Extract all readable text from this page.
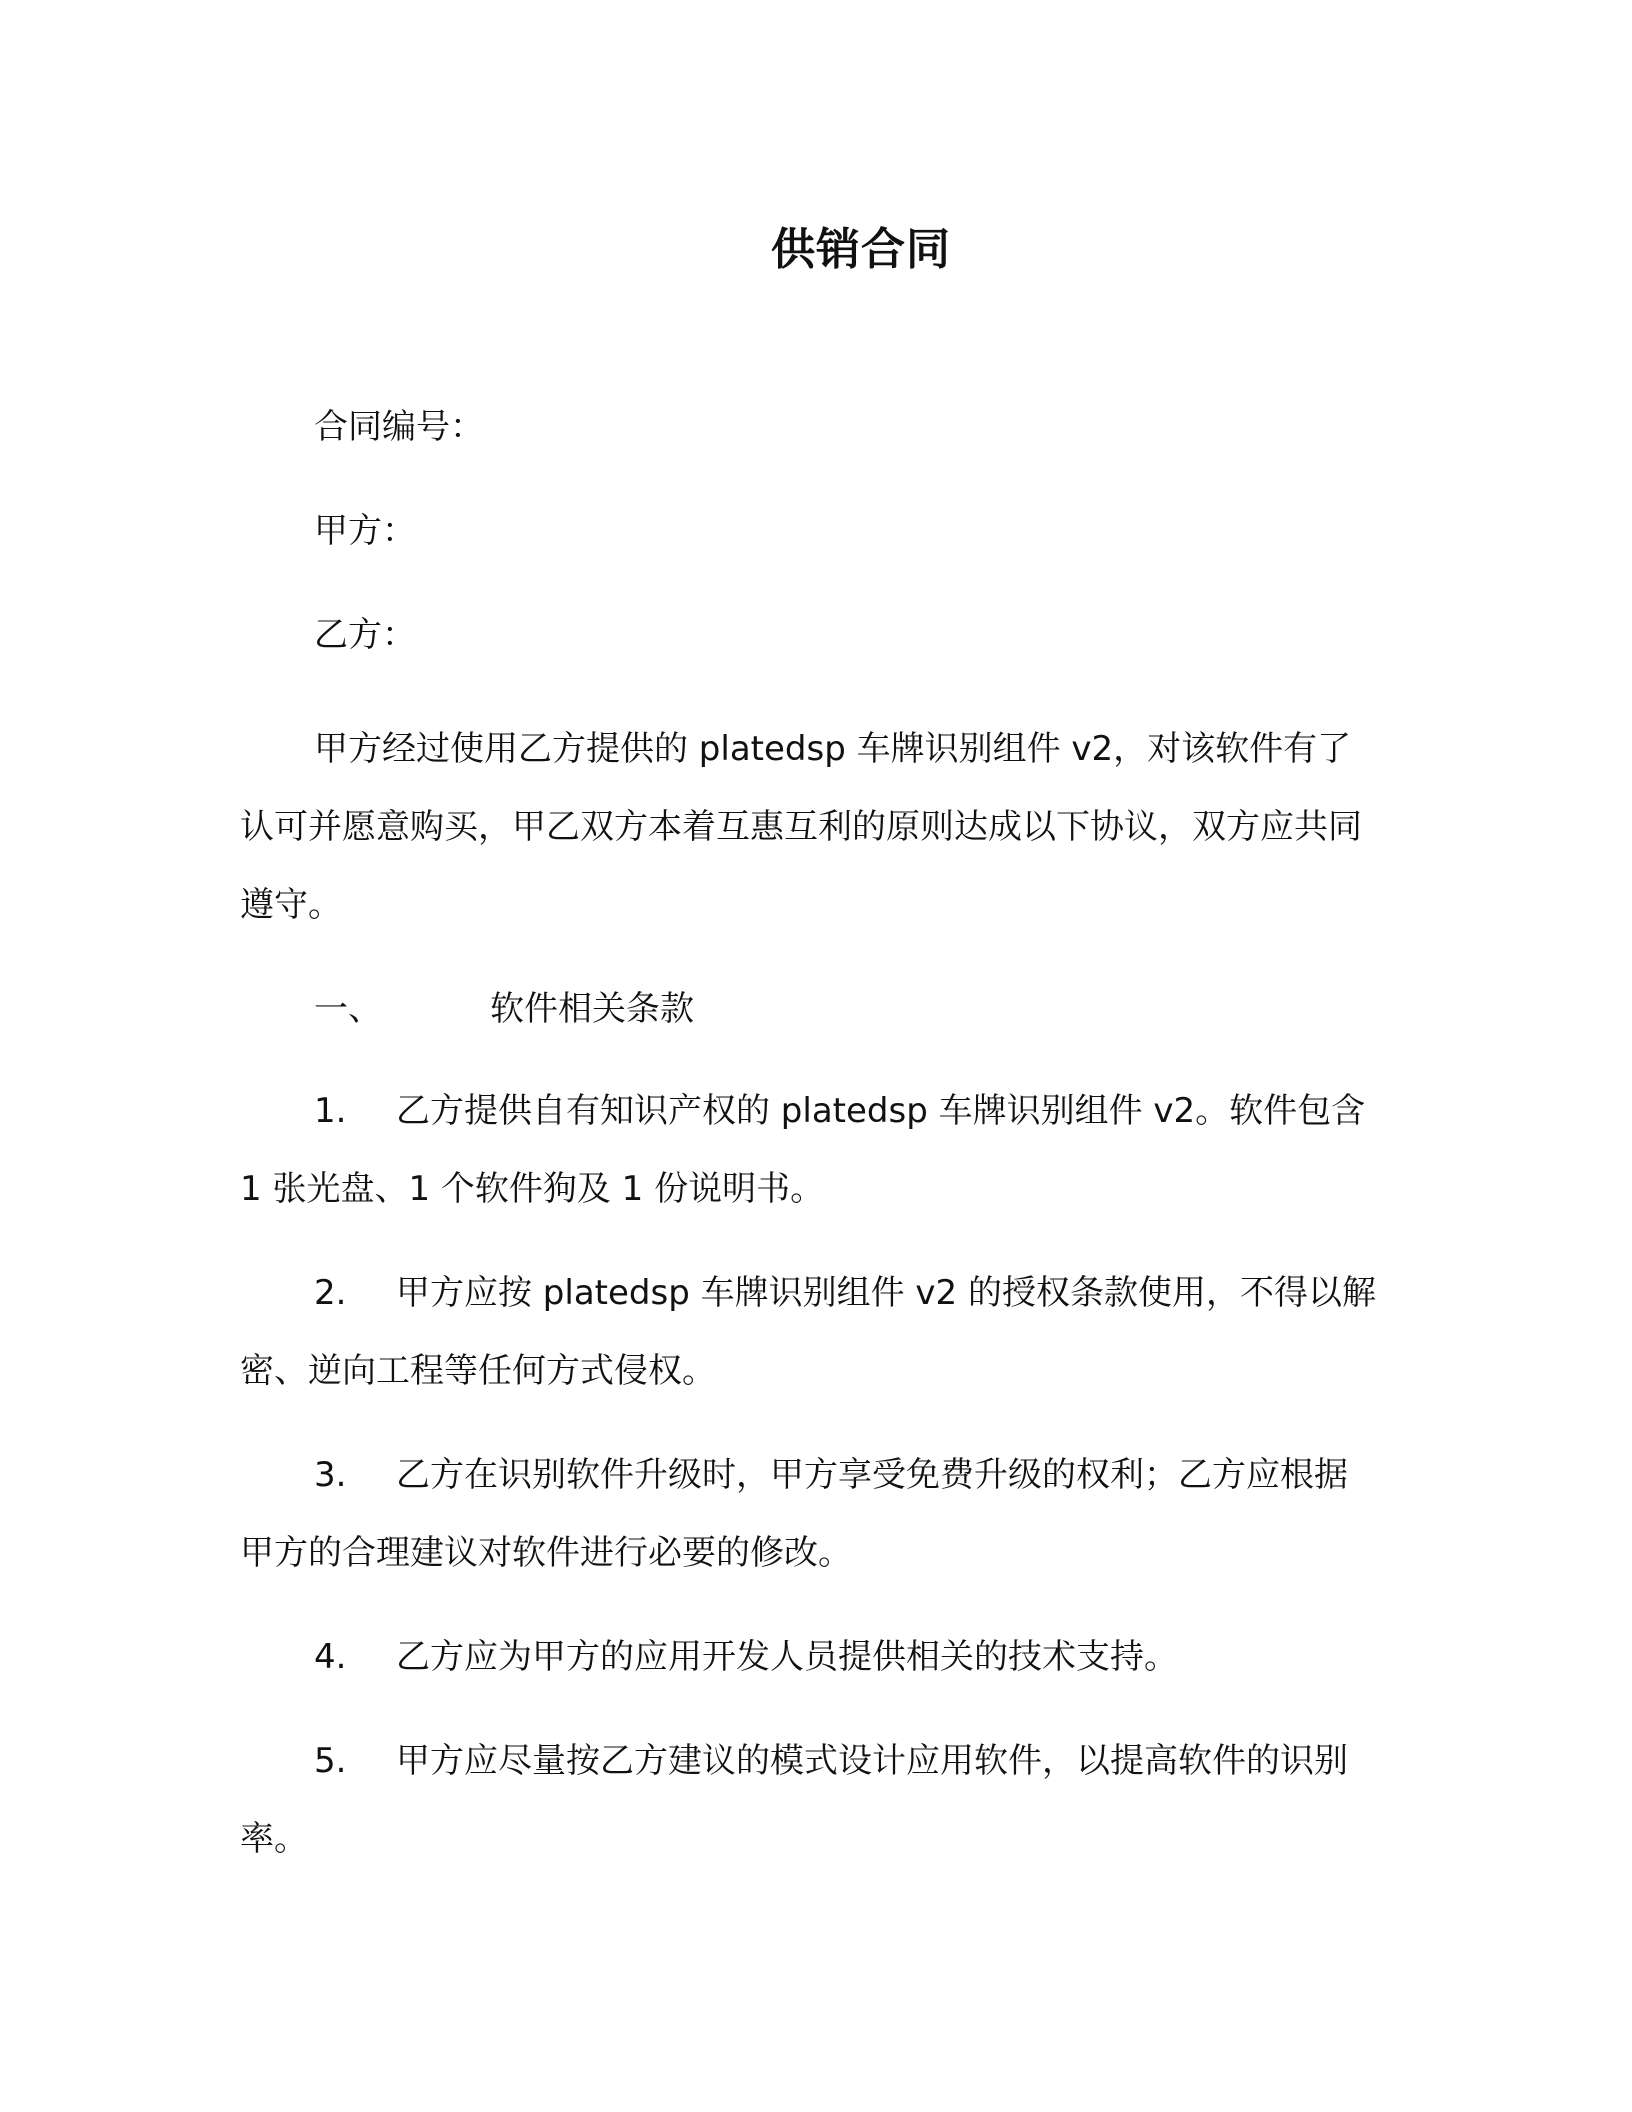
供销合同

合同编号：

甲方：

乙方：

甲方经过使用乙方提供的 platedsp 车牌识别组件 v2，对该软件有了认可并愿意购买，甲乙双方本着互惠互利的原则达成以下协议，双方应共同遵守。

一、	软件相关条款

1. 乙方提供自有知识产权的 platedsp 车牌识别组件 v2。软件包含 1 张光盘、1 个软件狗及 1 份说明书。

2. 甲方应按 platedsp 车牌识别组件 v2 的授权条款使用，不得以解密、逆向工程等任何方式侵权。

3. 乙方在识别软件升级时，甲方享受免费升级的权利；乙方应根据甲方的合理建议对软件进行必要的修改。

4. 乙方应为甲方的应用开发人员提供相关的技术支持。

5. 甲方应尽量按乙方建议的模式设计应用软件，以提高软件的识别率。
